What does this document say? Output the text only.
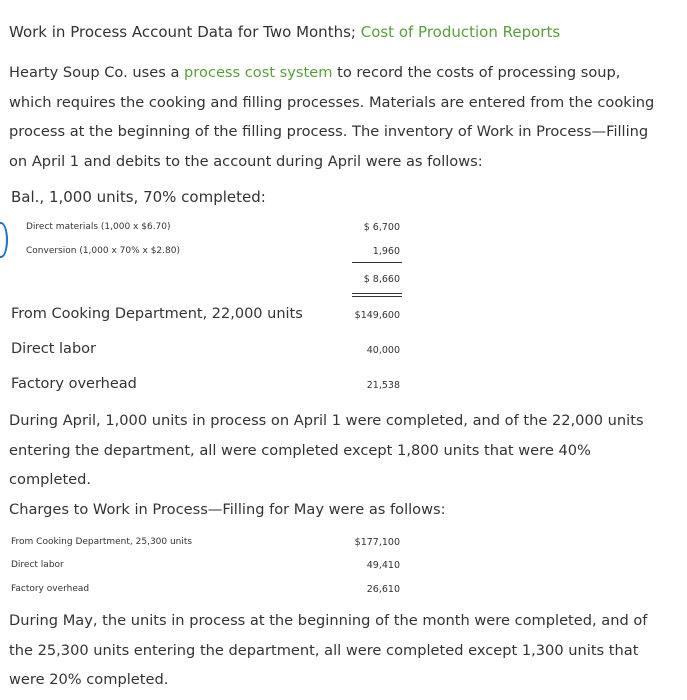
Work in Process Account Data for Two Months; Cost of Production Reports
Hearty Soup Co. uses a process cost system to record the costs of processing soup,
which requires the cooking and filling processes. Materials are entered from the cooking
process at the beginning of the filling process. The inventory of Work in Process—Filling
on April 1 and debits to the account during April were as follows:
Bal., 1,000 units, 70% completed:
Direct materials (1,000 x $6.70)	$ 6,700
Conversion (1,000 x 70% x $2.80)	1,960
$ 8,660
From Cooking Department, 22,000 units	$149,600
Direct labor	40,000
Factory overhead	21,538
During April, 1,000 units in process on April 1 were completed, and of the 22,000 units
entering the department, all were completed except 1,800 units that were 40%
completed.
Charges to Work in Process—Filling for May were as follows:
From Cooking Department, 25,300 units	$177,100
Direct labor	49,410
Factory overhead	26,610
During May, the units in process at the beginning of the month were completed, and of
the 25,300 units entering the department, all were completed except 1,300 units that
were 20% completed.
